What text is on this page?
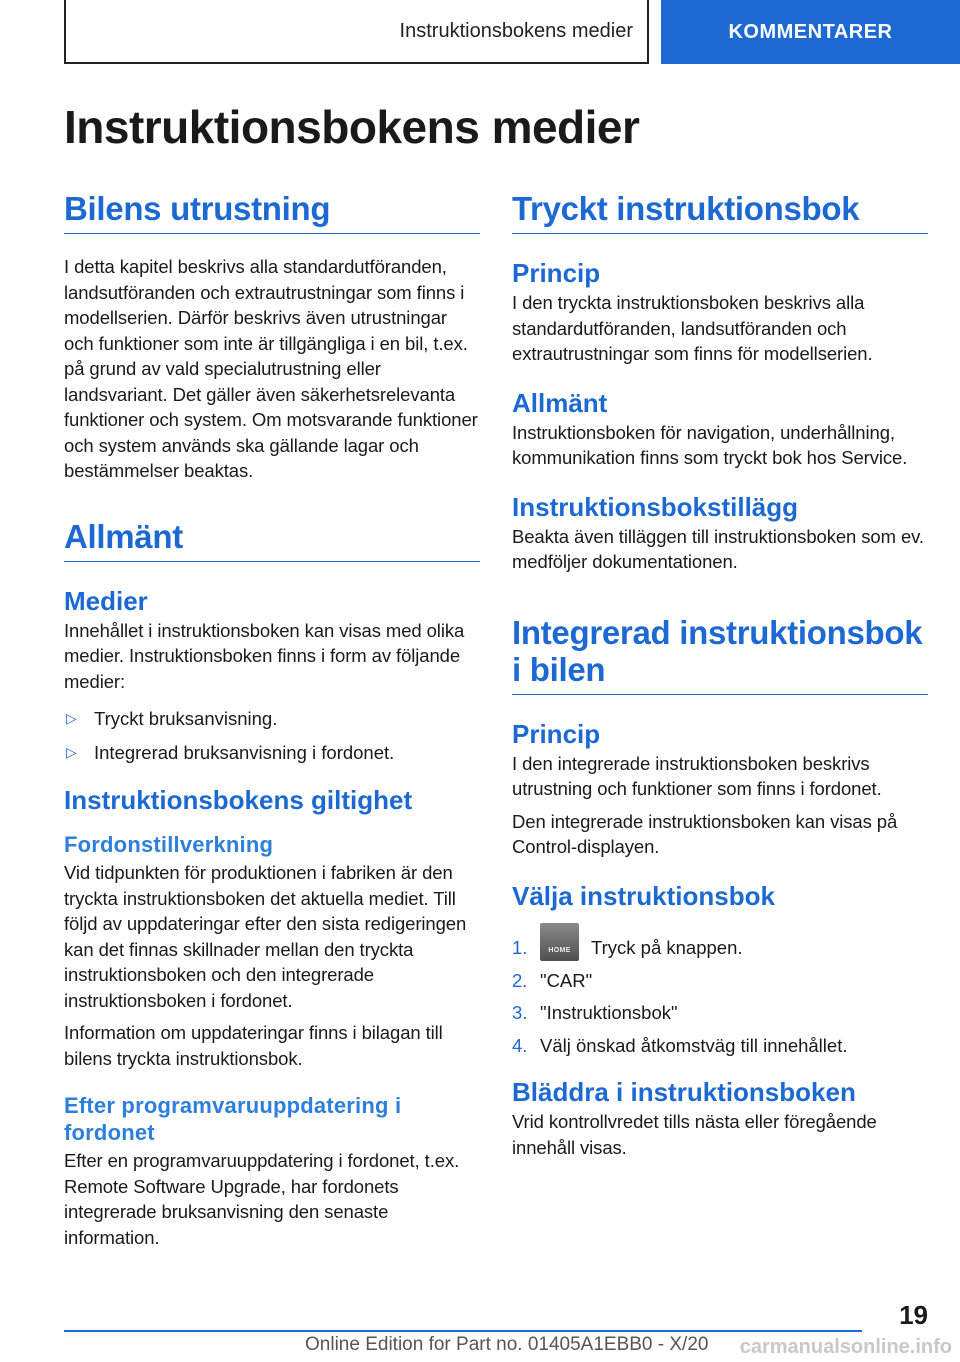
Instruktionsbokens medier	KOMMENTARER
Instruktionsbokens medier
Bilens utrustning

I detta kapitel beskrivs alla standardutföranden, landsutföranden och extrautrustningar som finns i modellserien. Därför beskrivs även utrustningar och funktioner som inte är tillgängliga i en bil, t.ex. på grund av vald specialutrustning eller landsvariant. Det gäller även säkerhetsrelevanta funktioner och system. Om motsvarande funktioner och system används ska gällande lagar och bestämmelser beaktas.

Allmänt
Medier

Innehållet i instruktionsboken kan visas med olika medier. Instruktionsboken finns i form av följande medier:

▷ Tryckt bruksanvisning.
▷ Integrerad bruksanvisning i fordonet.
Instruktionsbokens giltighet
Fordonstillverkning

Vid tidpunkten för produktionen i fabriken är den tryckta instruktionsboken det aktuella mediet. Till följd av uppdateringar efter den sista redigeringen kan det finnas skillnader mellan den tryckta instruktionsboken och den integrerade instruktionsboken i fordonet.

Information om uppdateringar finns i bilagan till bilens tryckta instruktionsbok.

Efter programvaruuppdatering i fordonet

Efter en programvaruuppdatering i fordonet, t.ex. Remote Software Upgrade, har fordonets integrerade bruksanvisning den senaste information.

Tryckt instruktionsbok
Princip

I den tryckta instruktionsboken beskrivs alla standardutföranden, landsutföranden och extrautrustningar som finns för modellserien.

Allmänt

Instruktionsboken för navigation, underhållning, kommunikation finns som tryckt bok hos Service.

Instruktionsbokstillägg

Beakta även tilläggen till instruktionsboken som ev. medföljer dokumentationen.

Integrerad instruktionsbok i bilen
Princip

I den integrerade instruktionsboken beskrivs utrustning och funktioner som finns i fordonet.

Den integrerade instruktionsboken kan visas på Control-displayen.

Välja instruktionsbok
1.	HOME	Tryck på knappen.
2. "CAR"
3. "Instruktionsbok"
4. Välj önskad åtkomstväg till innehållet.
Bläddra i instruktionsboken

Vrid kontrollvredet tills nästa eller föregående innehåll visas.

19
Online Edition for Part no. 01405A1EBB0 - X/20 carmanualsonline.info
